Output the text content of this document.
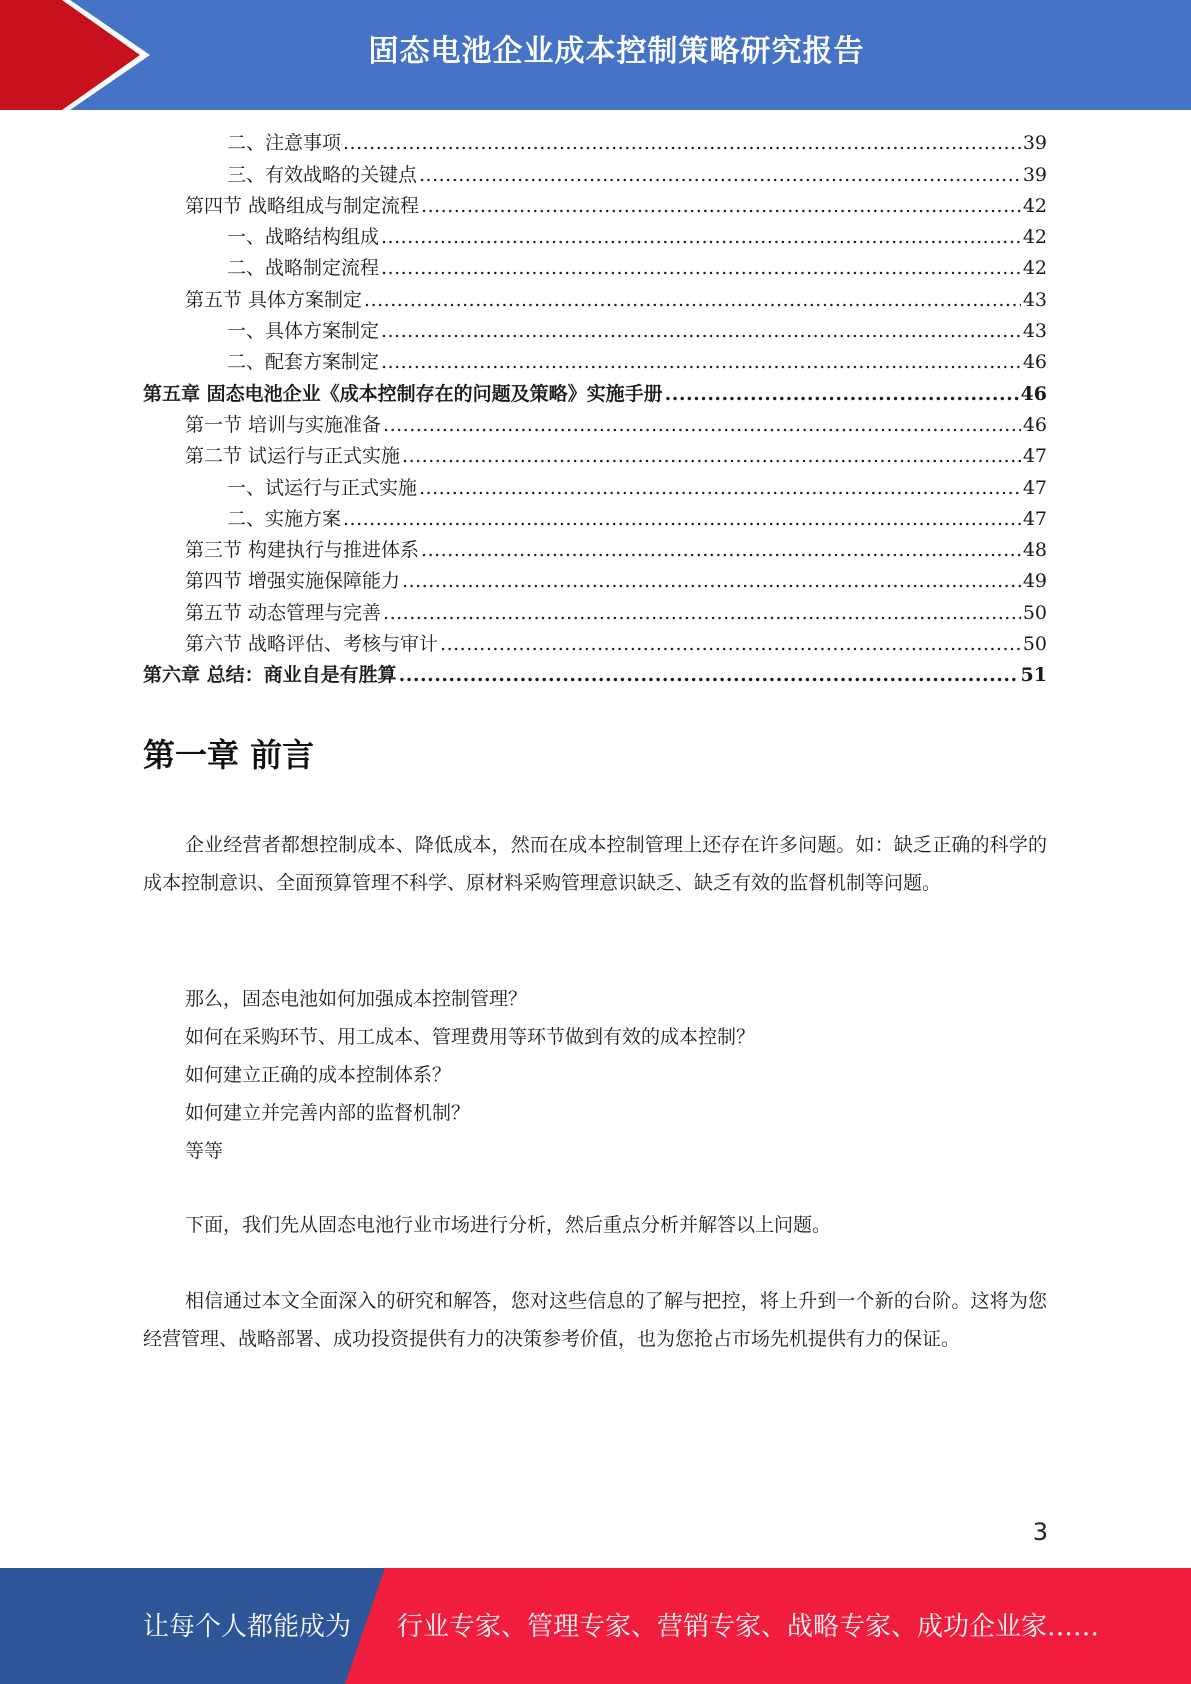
固态电池企业成本控制策略研究报告
二、注意事项 .....	39
三、有效战略的关键点 .....	39
第四节 战略组成与制定流程 .....	42
一、战略结构组成 .....	42
二、战略制定流程 .....	42
第五节 具体方案制定 .....	43
一、具体方案制定 .....	43
二、配套方案制定 .....	46
第五章 固态电池企业《成本控制存在的问题及策略》实施手册 .....	46
第一节 培训与实施准备 .....	46
第二节 试运行与正式实施 .....	47
一、试运行与正式实施 .....	47
二、实施方案 .....	47
第三节 构建执行与推进体系 .....	48
第四节 增强实施保障能力 .....	49
第五节 动态管理与完善 .....	50
第六节 战略评估、考核与审计 .....	50
第六章 总结：商业自是有胜算 .....	51
第一章 前言

企业经营者都想控制成本、降低成本，然而在成本控制管理上还存在许多问题。如：缺乏正确的科学的成本控制意识、全面预算管理不科学、原材料采购管理意识缺乏、缺乏有效的监督机制等问题。

那么，固态电池如何加强成本控制管理？
如何在采购环节、用工成本、管理费用等环节做到有效的成本控制？
如何建立正确的成本控制体系？
如何建立并完善内部的监督机制？
等等

下面，我们先从固态电池行业市场进行分析，然后重点分析并解答以上问题。

相信通过本文全面深入的研究和解答，您对这些信息的了解与把控，将上升到一个新的台阶。这将为您经营管理、战略部署、成功投资提供有力的决策参考价值，也为您抢占市场先机提供有力的保证。

3
让每个人都能成为 行业专家、管理专家、营销专家、战略专家、成功企业家……
